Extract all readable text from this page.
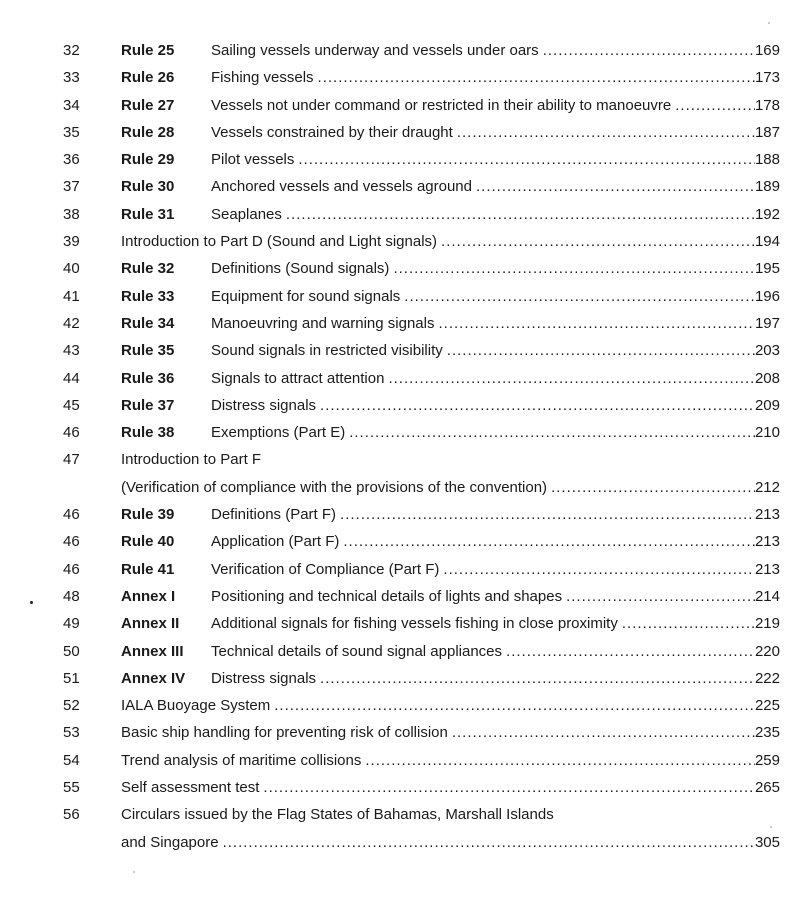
32	Rule 25 Sailing vessels underway and vessels under oars .....	169
33	Rule 26 Fishing vessels .....	173
34	Rule 27 Vessels not under command or restricted in their ability to manoeuvre .....	178
35	Rule 28 Vessels constrained by their draught .....	187
36	Rule 29 Pilot vessels .....	188
37	Rule 30 Anchored vessels and vessels aground .....	189
38	Rule 31 Seaplanes .....	192
39	Introduction to Part D (Sound and Light signals) .....	194
40	Rule 32 Definitions (Sound signals) .....	195
41	Rule 33 Equipment for sound signals .....	196
42	Rule 34 Manoeuvring and warning signals .....	197
43	Rule 35 Sound signals in restricted visibility .....	203
44	Rule 36 Signals to attract attention .....	208
45	Rule 37 Distress signals .....	209
46	Rule 38 Exemptions (Part E) .....	210
47	Introduction to Part F
(Verification of compliance with the provisions of the convention) .....	212
46	Rule 39 Definitions (Part F) .....	213
46	Rule 40 Application (Part F) .....	213
46	Rule 41 Verification of Compliance (Part F) .....	213
48	Annex I Positioning and technical details of lights and shapes .....	214
49	Annex II Additional signals for fishing vessels fishing in close proximity .....	219
50	Annex III Technical details of sound signal appliances .....	220
51	Annex IV Distress signals .....	222
52	IALA Buoyage System .....	225
53	Basic ship handling for preventing risk of collision .....	235
54	Trend analysis of maritime collisions .....	259
55	Self assessment test .....	265
56	Circulars issued by the Flag States of Bahamas, Marshall Islands
and Singapore .....	305
